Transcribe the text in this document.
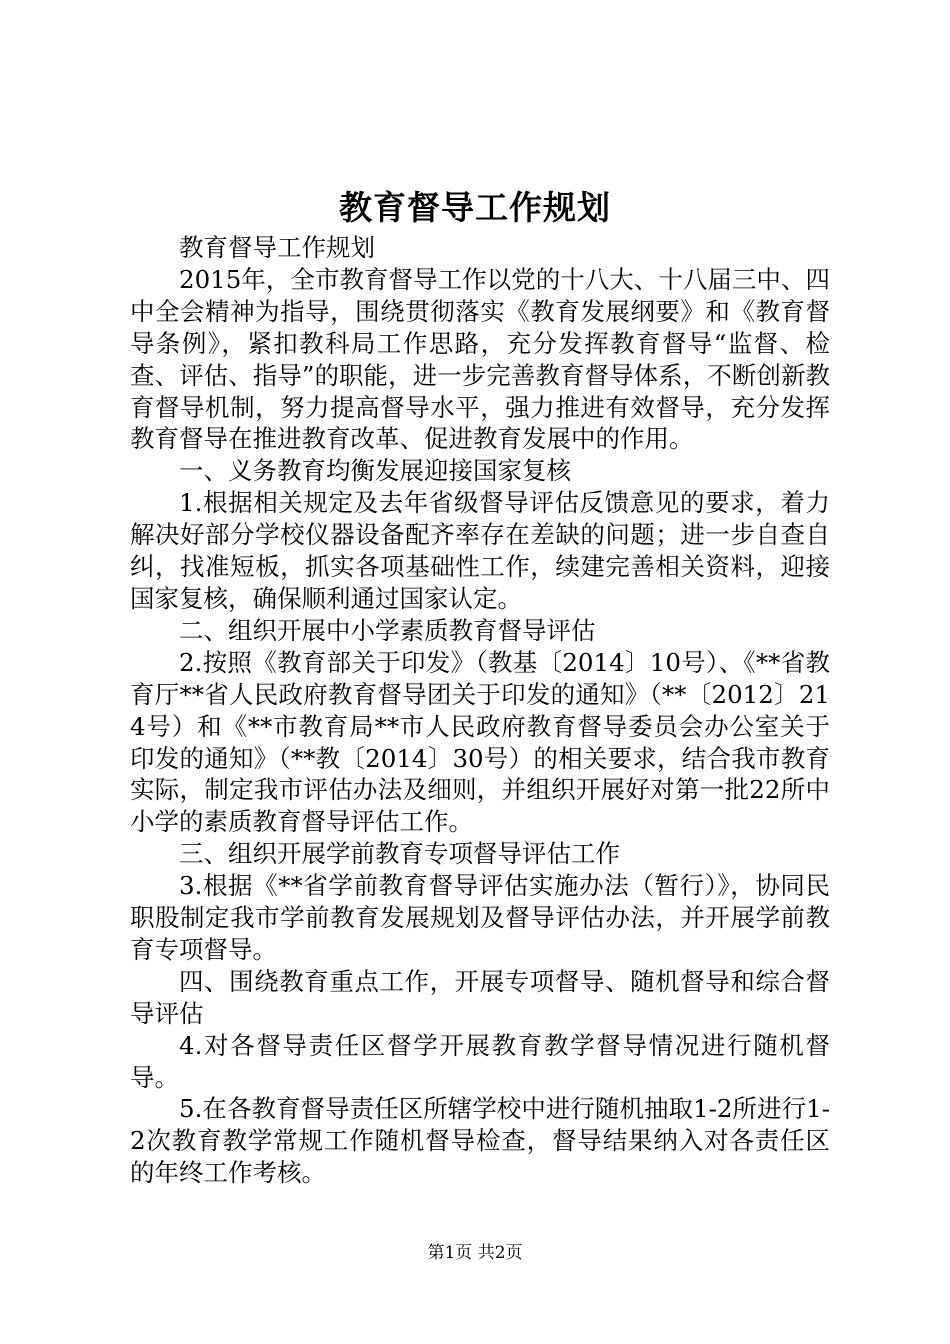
教育督导工作规划

教育督导工作规划

2015年，全市教育督导工作以党的十八大、十八届三中、四中全会精神为指导，围绕贯彻落实《教育发展纲要》和《教育督导条例》，紧扣教科局工作思路，充分发挥教育督导“监督、检查、评估、指导”的职能，进一步完善教育督导体系，不断创新教育督导机制，努力提高督导水平，强力推进有效督导，充分发挥教育督导在推进教育改革、促进教育发展中的作用。

一、义务教育均衡发展迎接国家复核

1.根据相关规定及去年省级督导评估反馈意见的要求，着力解决好部分学校仪器设备配齐率存在差缺的问题；进一步自查自纠，找准短板，抓实各项基础性工作，续建完善相关资料，迎接国家复核，确保顺利通过国家认定。

二、组织开展中小学素质教育督导评估

2.按照《教育部关于印发》（教基〔2014〕10号）、《**省教育厅**省人民政府教育督导团关于印发的通知》（**〔2012〕214号）和《**市教育局**市人民政府教育督导委员会办公室关于印发的通知》（**教〔2014〕30号）的相关要求，结合我市教育实际，制定我市评估办法及细则，并组织开展好对第一批22所中小学的素质教育督导评估工作。

三、组织开展学前教育专项督导评估工作

3.根据《**省学前教育督导评估实施办法（暂行）》，协同民职股制定我市学前教育发展规划及督导评估办法，并开展学前教育专项督导。

四、围绕教育重点工作，开展专项督导、随机督导和综合督导评估

4.对各督导责任区督学开展教育教学督导情况进行随机督导。

5.在各教育督导责任区所辖学校中进行随机抽取1-2所进行1-2次教育教学常规工作随机督导检查，督导结果纳入对各责任区的年终工作考核。

第1页 共2页
